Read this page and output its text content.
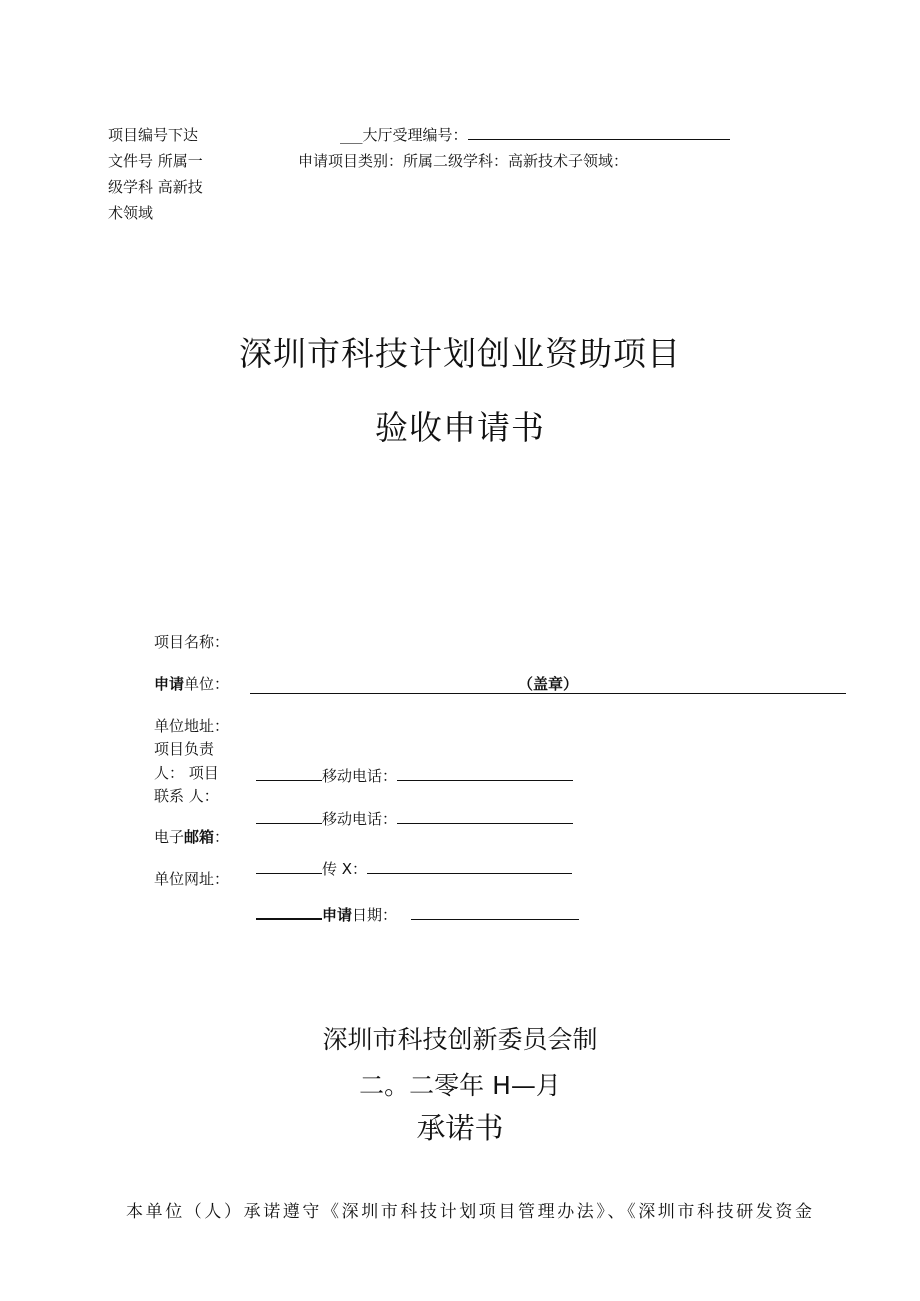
项目编号下达
文件号 所属一
级学科 高新技
术领域
___大厅受理编号：
申请项目类别：所属二级学科：高新技术子领域：
深圳市科技计划创业资助项目
验收申请书
项目名称：
申请单位：	（盖章）
单位地址：
项目负责
人： 项目
联系 人：
电子邮箱：
单位网址：
移动电话：
移动电话：
传 X：
申请日期：
深圳市科技创新委员会制
二。二零年 H—月
承诺书
本单位（人）承诺遵守《深圳市科技计划项目管理办法》、《深圳市科技研发资金
